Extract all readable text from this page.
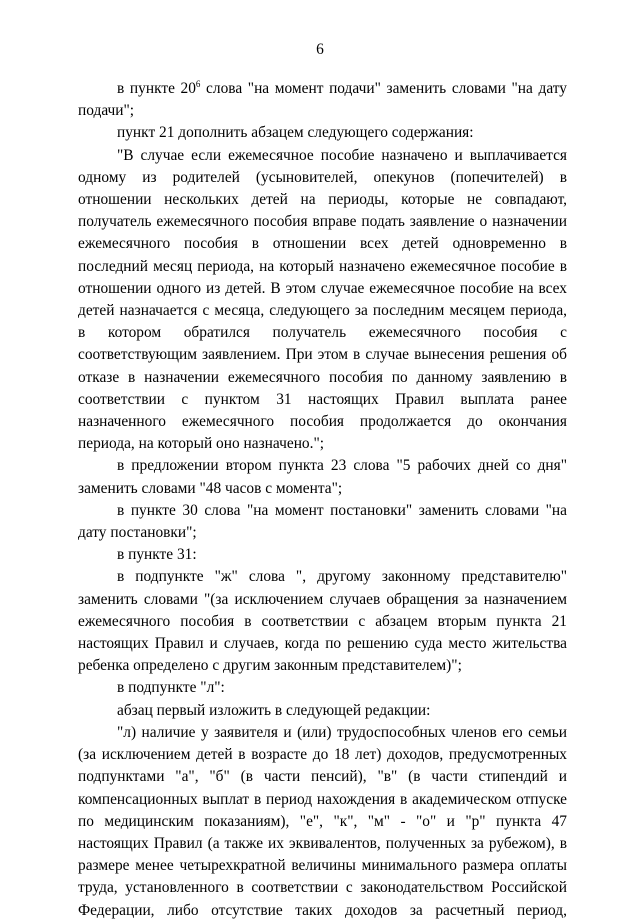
6

в пункте $20^6$ слова "на момент подачи" заменить словами "на дату подачи";

пункт 21 дополнить абзацем следующего содержания:

"В случае если ежемесячное пособие назначено и выплачивается одному из родителей (усыновителей, опекунов (попечителей) в отношении нескольких детей на периоды, которые не совпадают, получатель ежемесячного пособия вправе подать заявление о назначении ежемесячного пособия в отношении всех детей одновременно в последний месяц периода, на который назначено ежемесячное пособие в отношении одного из детей. В этом случае ежемесячное пособие на всех детей назначается с месяца, следующего за последним месяцем периода, в котором обратился получатель ежемесячного пособия с соответствующим заявлением. При этом в случае вынесения решения об отказе в назначении ежемесячного пособия по данному заявлению в соответствии с пунктом 31 настоящих Правил выплата ранее назначенного ежемесячного пособия продолжается до окончания периода, на который оно назначено.";

в предложении втором пункта 23 слова "5 рабочих дней со дня" заменить словами "48 часов с момента";

в пункте 30 слова "на момент постановки" заменить словами "на дату постановки";

в пункте 31:

в подпункте "ж" слова ", другому законному представителю" заменить словами "(за исключением случаев обращения за назначением ежемесячного пособия в соответствии с абзацем вторым пункта 21 настоящих Правил и случаев, когда по решению суда место жительства ребенка определено с другим законным представителем)";

в подпункте "л":

абзац первый изложить в следующей редакции:

"л) наличие у заявителя и (или) трудоспособных членов его семьи (за исключением детей в возрасте до 18 лет) доходов, предусмотренных подпунктами "а", "б" (в части пенсий), "в" (в части стипендий и компенсационных выплат в период нахождения в академическом отпуске по медицинским показаниям), "е", "к", "м" - "о" и "р" пункта 47 настоящих Правил (а также их эквивалентов, полученных за рубежом), в размере менее четырехкратной величины минимального размера оплаты труда, установленного в соответствии с законодательством Российской Федерации, либо отсутствие таких доходов за расчетный период,
